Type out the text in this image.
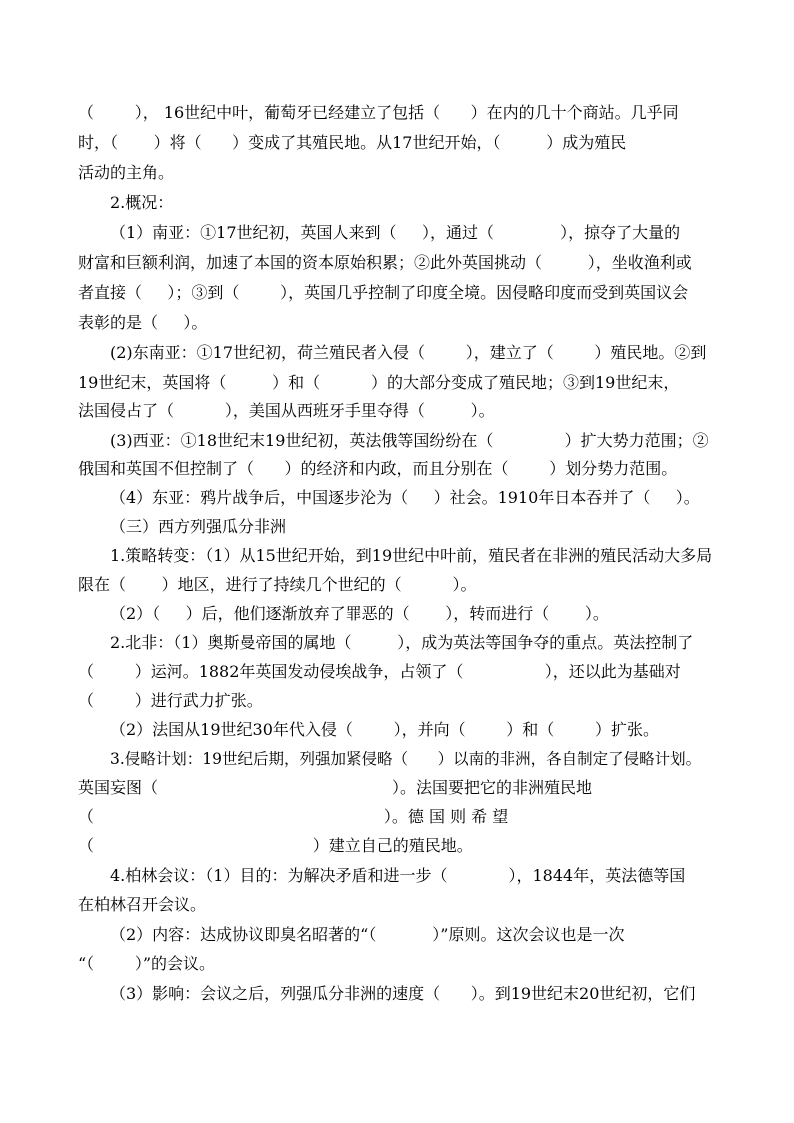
（        ）， 16世纪中叶，葡萄牙已经建立了包括（      ）在内的几十个商站。几乎同
时，（       ）将（      ）变成了其殖民地。从17世纪开始，（         ）成为殖民
活动的主角。
2.概况：
（1）南亚：①17世纪初，英国人来到（     ），通过（             ），掠夺了大量的
财富和巨额利润，加速了本国的资本原始积累；②此外英国挑动（         ），坐收渔利或
者直接（     ）；③到（        ），英国几乎控制了印度全境。因侵略印度而受到英国议会
表彰的是（     ）。
(2)东南亚：①17世纪初，荷兰殖民者入侵（        ），建立了（        ）殖民地。②到
19世纪末，英国将（         ）和（          ）的大部分变成了殖民地；③到19世纪末，
法国侵占了（          ），美国从西班牙手里夺得（         ）。
(3)西亚：①18世纪末19世纪初，英法俄等国纷纷在（              ）扩大势力范围；②
俄国和英国不但控制了（      ）的经济和内政，而且分别在（        ）划分势力范围。
（4）东亚：鸦片战争后，中国逐步沦为（     ）社会。1910年日本吞并了（     ）。
（三）西方列强瓜分非洲
1.策略转变：（1）从15世纪开始，到19世纪中叶前，殖民者在非洲的殖民活动大多局
限在（       ）地区，进行了持续几个世纪的（          ）。
（2）（     ）后，他们逐渐放弃了罪恶的（       ），转而进行（       ）。
2.北非：（1）奥斯曼帝国的属地（         ），成为英法等国争夺的重点。英法控制了
（        ）运河。1882年英国发动侵埃战争，占领了（                ），还以此为基础对
（        ）进行武力扩张。
（2）法国从19世纪30年代入侵（        ），并向（        ）和（        ）扩张。
3.侵略计划：19世纪后期，列强加紧侵略（      ）以南的非洲，各自制定了侵略计划。
英国妄图（                                              ）。法国要把它的非洲殖民地
（                                                         ）。德 国 则 希 望
（                                           ）建立自己的殖民地。
4.柏林会议：（1）目的：为解决矛盾和进一步（            ），1844年，英法德等国
在柏林召开会议。
（2）内容：达成协议即臭名昭著的“（           ）”原则。这次会议也是一次
“（        ）”的会议。
（3）影响：会议之后，列强瓜分非洲的速度（      ）。到19世纪末20世纪初，它们
